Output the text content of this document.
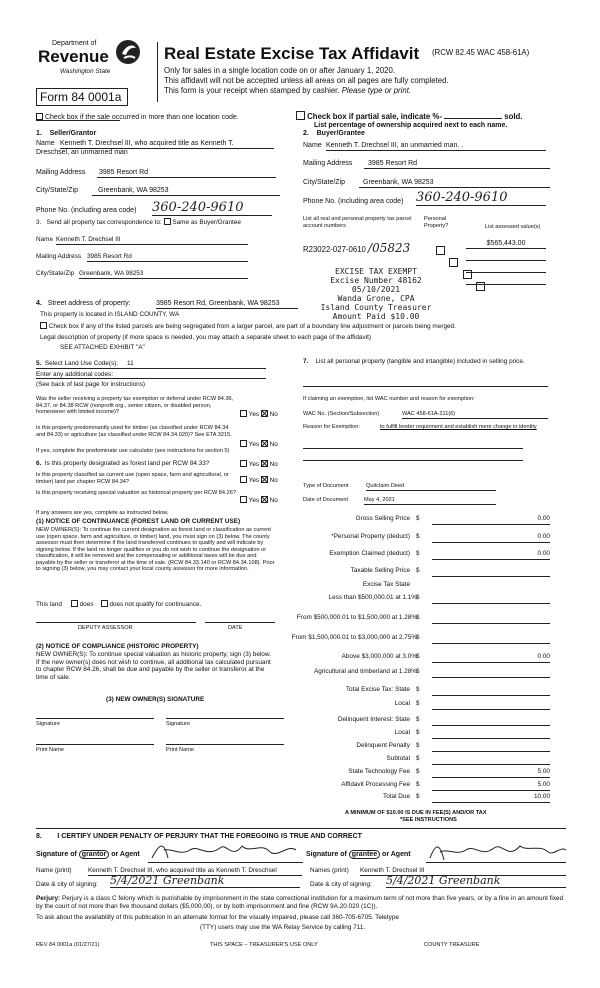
Department of
Revenue
Washington State
Real Estate Excise Tax Affidavit (RCW 82.45 WAC 458-61A)
Only for sales in a single location code on or after January 1, 2020.
This affidavit will not be accepted unless all areas on all pages are fully completed.
This form is your receipt when stamped by cashier. Please type or print.
Form 84 0001a
Check box if the sale occurred in more than one location code.	Check box if partial sale, indicate %-	sold.
List percentage of ownership acquired next to each name.
1. Seller/Grantor
Name Kenneth T. Drechsel III, who acquired title as Kenneth T.
Dreschsel, an unmarried man
Mailing Address 3985 Resort Rd
City/State/Zip	Greenbank, WA 98253
Phone No. (including area code) 360-240-9610
2. Buyer/Grantee
Name Kenneth T. Drechsel III, an unmarried man. .
Mailing Address	3985 Resort Rd
City/State/Zip	Greenbank, WA 98253
Phone No. (including area code) 360-240-9610
3. Send all property tax correspondence to: Same as Buyer/Grantee
Name Kenneth T. Drechsel III
Mailing Address 3985 Resort Rd
City/State/Zip Greenbank, WA 98253
List all real and personal property tax parcel account numbers
Personal Property?	List assessed value(s)
R23022-027-0610 /05823
	$565,443.00
EXCISE TAX EXEMPT
Excise Number 48162
05/10/2021
Wanda Grone, CPA
Island County Treasurer
Amount Paid $10.00
4. Street address of property:	3985 Resort Rd, Greenbank, WA 98253
This property is located in ISLAND COUNTY, WA
Check box if any of the listed parcels are being segregated from a larger parcel, are part of a boundary line adjustment or parcels being merged.
Legal description of property (if more space is needed, you may attach a separate sheet to each page of the affidavit)
SEE ATTACHED EXHIBIT "A"
5. Select Land Use Code(s): 11
Enter any additional codes:
(See back of last page for instructions)
Was the seller receiving a property tax exemption or deferral under RCW 84.36, 84.37, or 84.38 RCW (nonprofit org., senior citizen, or disabled person, homeowner with limited income)?	Yes No
Is this property predominantly used for timber (as classified under RCW 84.34 and 84.33) or agriculture (as classified under RCW 84.34.020)? See ETA 3215.
Yes No
If yes, complete the predominate use calculator (see instructions for section 5)
6. Is this property designated as forest land per RCW 84.33?	Yes No
Is this property classified as current use (open space, farm and agricultural, or timber) land per chapter RCW 84.34?	Yes No
Is this property receiving special valuation as historical property per RCW 84.26?
Yes No
If any answers are yes, complete as instructed below.
(1) NOTICE OF CONTINUANCE (FOREST LAND OR CURRENT USE)
NEW OWNER(S): To continue the current designation as forest land or classification as current use (open space, farm and agriculture, or timber) land, you must sign on (3) below. The county assessor must then determine if the land transferred continues to qualify and will indicate by signing below. If the land no longer qualifies or you do not wish to continue the designation or classification, it will be removed and the compensating or additional taxes will be due and payable by the seller or transferor at the time of sale. (RCW 84.33.140 or RCW 84.34.108). Prior to signing (3) below, you may contact your local county assessor for more information.
This land	does does not qualify for continuance.
DEPUTY ASSESSOR	DATE
(2) NOTICE OF COMPLIANCE (HISTORIC PROPERTY)
NEW OWNER(S): To continue special valuation as historic property, sign (3) below. If the new owner(s) does not wish to continue, all additional tax calculated pursuant to chapter RCW 84.26, shall be due and payable by the seller or transferor at the time of sale.
(3) NEW OWNER(S) SIGNATURE
Signature	Signature
Print Name	Print Name
7. List all personal property (tangible and intangible) included in selling price.
If claiming an exemption, list WAC number and reason for exemption:
WAC No. (Section/Subsection)	WAC 458-61A-211(6)
Reason for Exemption:	to fulfill lender requirment and establish mere change in identity
Type of Document	Quitclaim Deed
Date of Document	May 4, 2021
Gross Selling Price $	0.00
*Personal Property (deduct) $	0.00
Exemption Claimed (deduct) $	0.00
Taxable Selling Price $
Excise Tax State
Less than $500,000.01 at 1.1% $
From $500,000.01 to $1,500,000 at 1.28% $
From $1,500,000.01 to $3,000,000 at 2.75% $
Above $3,000,000 at 3.0% $	0.00
Agricultural and timberland at 1.28% $
Total Excise Tax: State $
Local $
Delinquent Interest: State $
Local $
Delinquent Penalty $
Subtotal $
State Technology Fee $	5.00
Affidavit Processing Fee $	5.00
Total Due $	10.00
A MINIMUM OF $10.00 IS DUE IN FEE(S) AND/OR TAX
*SEE INSTRUCTIONS
8. I CERTIFY UNDER PENALTY OF PERJURY THAT THE FOREGOING IS TRUE AND CORRECT
Signature of grantor or Agent	Signature of grantee or Agent
Name (print)	Kenneth T. Drechsel III, who acquired title as Kenneth T. Dreschsel	Names (print) Kenneth T. Drechsel III
Date & city of signing: 5/4/2021 Greenbank	Date & city of signing: 5/4/2021 Greenbank
Perjury: Perjury is a class C felony which is punishable by imprisonment in the state correctional institution for a maximum term of not more than five years, or by a fine in an amount fixed by the court of not more than five thousand dollars ($5,000.00), or by both imprisonment and fine (RCW 9A.20.020 (1C)).
To ask about the availability of this publication in an alternate format for the visually impaired, please call 360-705-6705. Teletype
(TTY) users may use the WA Relay Service by calling 711.
REV 84 0001a (01/27/21)	THIS SPACE – TREASURER'S USE ONLY	COUNTY TREASURE
